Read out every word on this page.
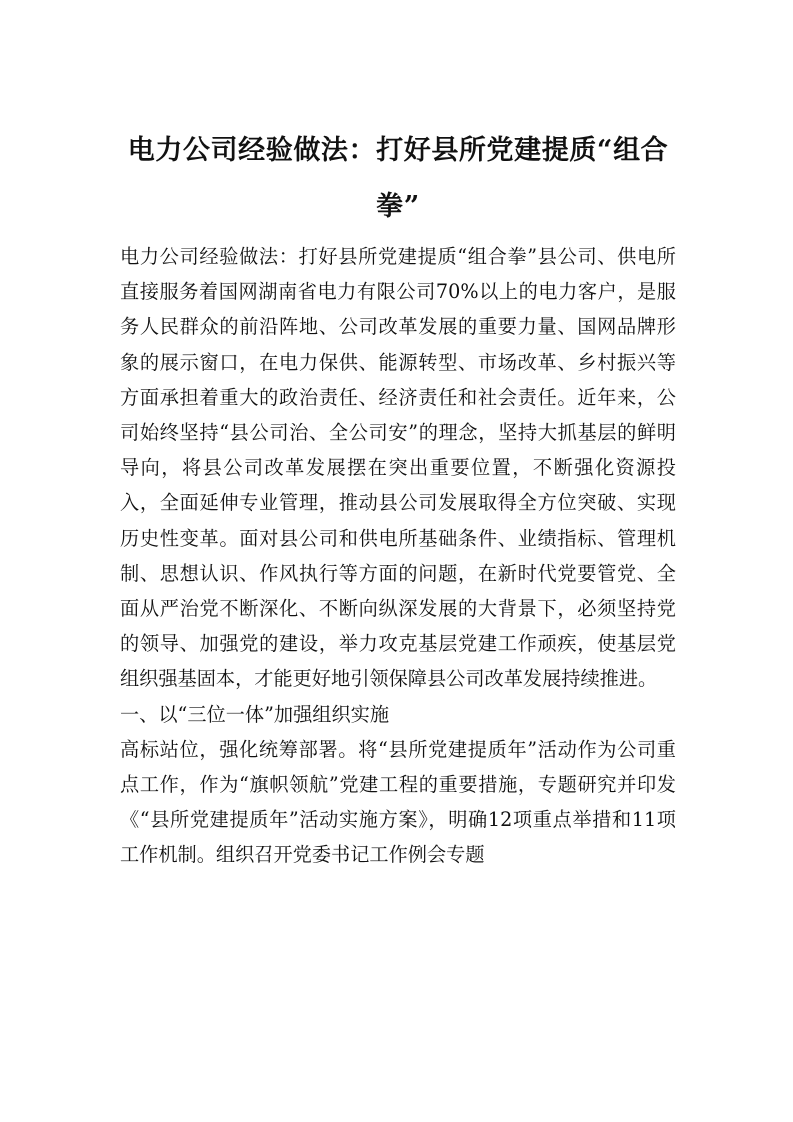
电力公司经验做法：打好县所党建提质“组合拳”

电力公司经验做法：打好县所党建提质“组合拳”县公司、供电所直接服务着国网湖南省电力有限公司70%以上的电力客户，是服务人民群众的前沿阵地、公司改革发展的重要力量、国网品牌形象的展示窗口，在电力保供、能源转型、市场改革、乡村振兴等方面承担着重大的政治责任、经济责任和社会责任。近年来，公司始终坚持“县公司治、全公司安”的理念，坚持大抓基层的鲜明导向，将县公司改革发展摆在突出重要位置，不断强化资源投入，全面延伸专业管理，推动县公司发展取得全方位突破、实现历史性变革。面对县公司和供电所基础条件、业绩指标、管理机制、思想认识、作风执行等方面的问题，在新时代党要管党、全面从严治党不断深化、不断向纵深发展的大背景下，必须坚持党的领导、加强党的建设，举力攻克基层党建工作顽疾，使基层党组织强基固本，才能更好地引领保障县公司改革发展持续推进。

一、以“三位一体”加强组织实施

高标站位，强化统筹部署。将“县所党建提质年”活动作为公司重点工作，作为“旗帜领航”党建工程的重要措施，专题研究并印发《“县所党建提质年”活动实施方案》，明确12项重点举措和11项工作机制。组织召开党委书记工作例会专题
